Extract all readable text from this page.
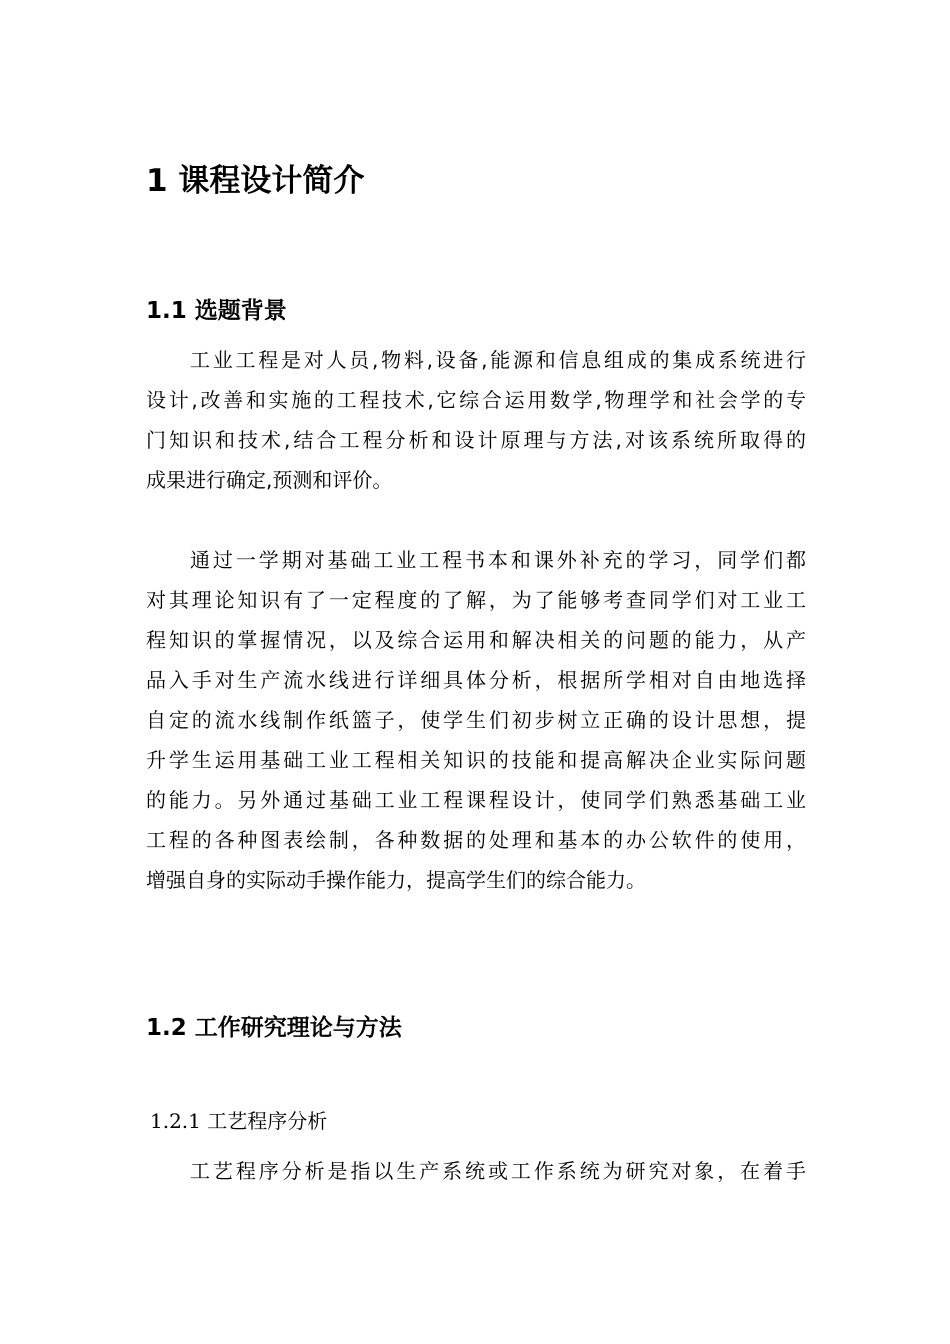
1 课程设计简介
1.1 选题背景
工业工程是对人员,物料,设备,能源和信息组成的集成系统进行
设计,改善和实施的工程技术,它综合运用数学,物理学和社会学的专
门知识和技术,结合工程分析和设计原理与方法,对该系统所取得的
成果进行确定,预测和评价。
通过一学期对基础工业工程书本和课外补充的学习，同学们都
对其理论知识有了一定程度的了解，为了能够考查同学们对工业工
程知识的掌握情况，以及综合运用和解决相关的问题的能力，从产
品入手对生产流水线进行详细具体分析，根据所学相对自由地选择
自定的流水线制作纸篮子，使学生们初步树立正确的设计思想，提
升学生运用基础工业工程相关知识的技能和提高解决企业实际问题
的能力。另外通过基础工业工程课程设计，使同学们熟悉基础工业
工程的各种图表绘制，各种数据的处理和基本的办公软件的使用，
增强自身的实际动手操作能力，提高学生们的综合能力。
1.2 工作研究理论与方法
1.2.1 工艺程序分析
工艺程序分析是指以生产系统或工作系统为研究对象，在着手
